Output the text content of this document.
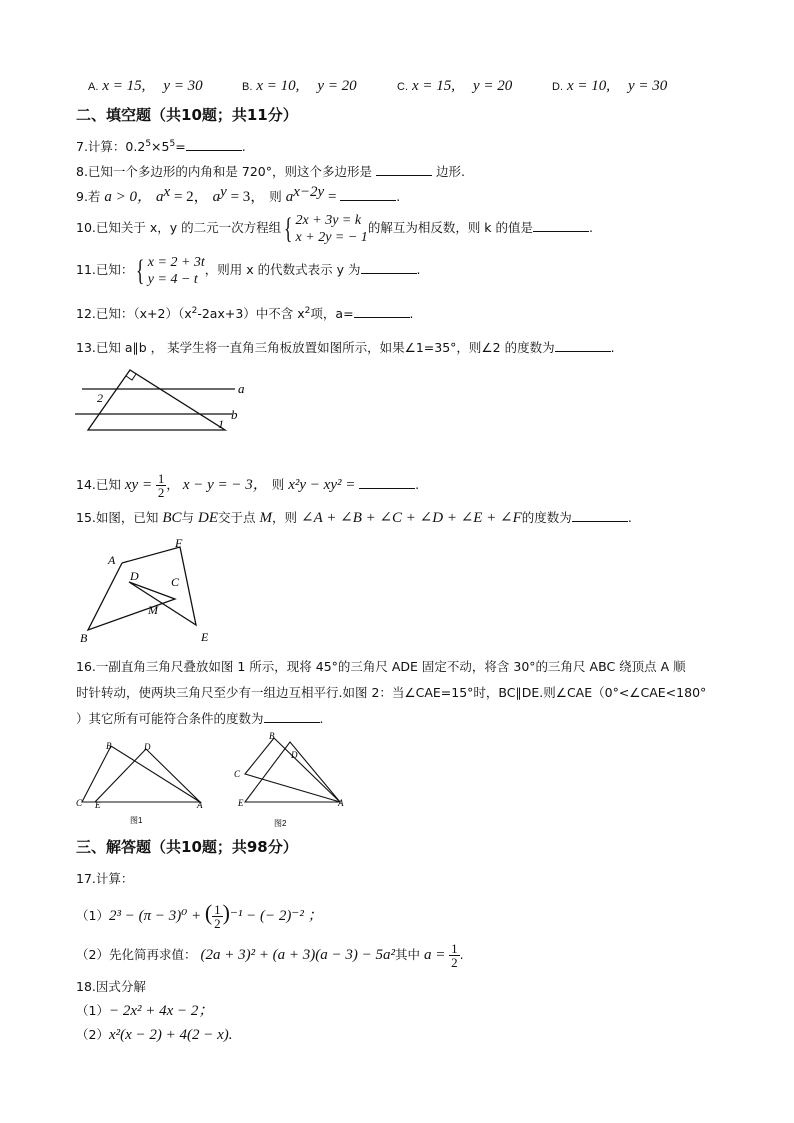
A. x = 15, y = 30	B. x = 10, y = 20	C. x = 15, y = 20	D. x = 10, y = 30
二、填空题（共10题；共11分）
7.计算：$0.2^5\times 5^5=$	.
8.已知一个多边形的内角和是 720°，则这个多边形是	边形.
9.若 a > 0， $a^x = 2$， $a^y = 3$， 则 $a^{x-2y}$ =	.
10.已知关于 x，y 的二元一次方程组{ 2x + 3y = k
x + 2y = − 1
的解互为相反数，则 k 的值是	.
11.已知：{ x = 2 + 3t
y = 4 − t
，则用 x 的代数式表示 y 为	.
12.已知：$(x+2)(x^2-2ax+3)$中不含 $x^2$项，a=	.
13.已知 a∥b ， 某学生将一直角三角板放置如图所示，如果∠1=35°，则∠2 的度数为	.
a
b
1
2
14.已知 xy = $\frac{1}{2}$ ， x − y = − 3， 则 x²y − xy² =	.
15.如图，已知 BC与 DE交于点 M，则 ∠A + ∠B + ∠C + ∠D + ∠E + ∠F的度数为	.
A
B
C
D
E
F
M
16.一副直角三角尺叠放如图 1 所示，现将 45°的三角尺 ADE 固定不动，将含 30°的三角尺 ABC 绕顶点 A 顺
时针转动，使两块三角尺至少有一组边互相平行.如图 2：当∠CAE=15°时，BC∥DE.则∠CAE（0°<∠CAE<180°
）其它所有可能符合条件的度数为	.
B	D
C E	A
图1
B
D
C
E	A
图2
三、解答题（共10题；共98分）
17.计算：
（1）2³ − (π − 3)⁰ + ( $\frac{1}{2} )^{-1}$ − (− 2)⁻² ；
（2）先化简再求值： (2a + 3)² + (a + 3)(a − 3) − 5a²其中 $a = \frac{1}{2}$ .
18.因式分解
（1）− 2x² + 4x − 2；
（2）x²(x − 2) + 4(2 − x).
